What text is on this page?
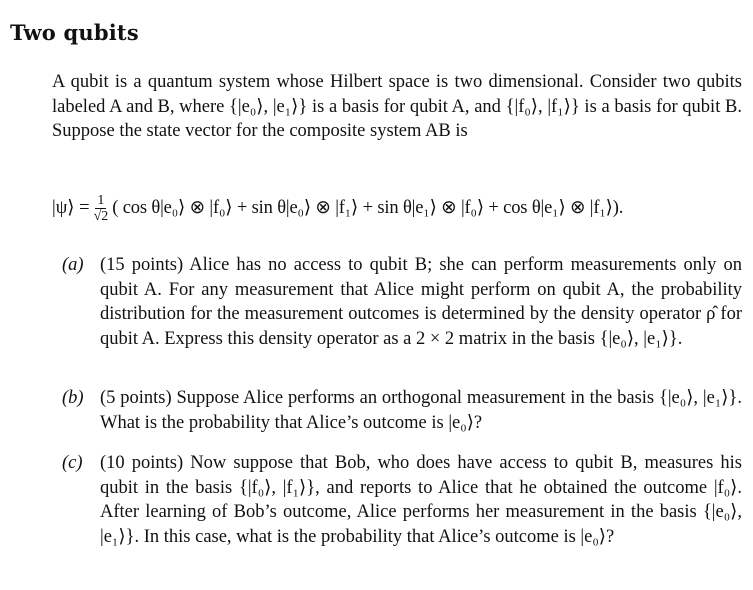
Two qubits
A qubit is a quantum system whose Hilbert space is two dimensional. Consider two qubits labeled A and B, where {|e₀⟩, |e₁⟩} is a basis for qubit A, and {|f₀⟩, |f₁⟩} is a basis for qubit B. Suppose the state vector for the composite system AB is
|ψ⟩ = $\frac{1}{√2}$ ( cos θ|e₀⟩ ⊗ |f₀⟩ + sin θ|e₀⟩ ⊗ |f₁⟩ + sin θ|e₁⟩ ⊗ |f₀⟩ + cos θ|e₁⟩ ⊗ |f₁⟩).
(a) (15 points) Alice has no access to qubit B; she can perform measurements only on qubit A. For any measurement that Alice might perform on qubit A, the probability distribution for the measurement outcomes is determined by the density operator ρ̂ for qubit A. Express this density operator as a 2 × 2 matrix in the basis {|e₀⟩, |e₁⟩}.
(b) (5 points) Suppose Alice performs an orthogonal measurement in the basis {|e₀⟩, |e₁⟩}. What is the probability that Alice’s outcome is |e₀⟩?
(c) (10 points) Now suppose that Bob, who does have access to qubit B, measures his qubit in the basis {|f₀⟩, |f₁⟩}, and reports to Alice that he obtained the outcome |f₀⟩. After learning of Bob’s outcome, Alice performs her measurement in the basis {|e₀⟩, |e₁⟩}. In this case, what is the probability that Alice’s outcome is |e₀⟩?
